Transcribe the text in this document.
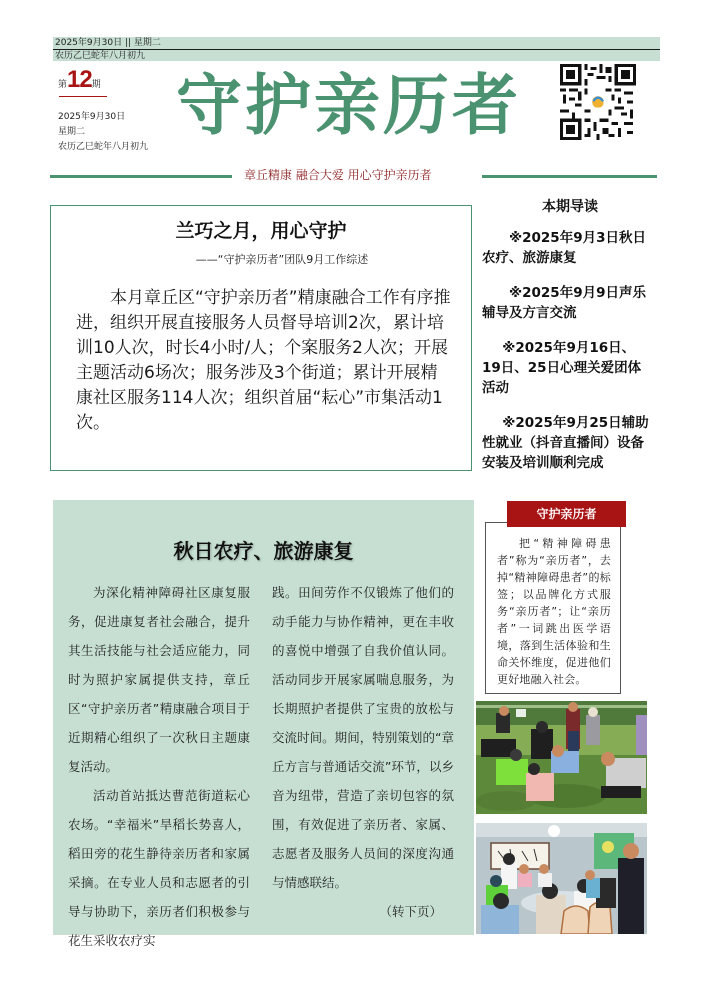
2025年9月30日 || 星期二
农历乙巳蛇年八月初九
第12期
2025年9月30日
星期二
农历乙巳蛇年八月初九
守护亲历者
章丘精康 融合大爱 用心守护亲历者
兰巧之月，用心守护
——“守护亲历者”团队9月工作综述
本月章丘区“守护亲历者”精康融合工作有序推进，组织开展直接服务人员督导培训2次，累计培训10人次，时长4小时/人；个案服务2人次；开展主题活动6场次；服务涉及3个街道；累计开展精康社区服务114人次；组织首届“耘心”市集活动1次。
本期导读
※2025年9月3日秋日农疗、旅游康复
※2025年9月9日声乐辅导及方言交流
※2025年9月16日、19日、25日心理关爱团体活动
※2025年9月25日辅助性就业（抖音直播间）设备安装及培训顺利完成
秋日农疗、旅游康复

为深化精神障碍社区康复服务，促进康复者社会融合，提升其生活技能与社会适应能力，同时为照护家属提供支持，章丘区“守护亲历者”精康融合项目于近期精心组织了一次秋日主题康复活动。

活动首站抵达曹范街道耘心农场。“幸福米”旱稻长势喜人，稻田旁的花生静待亲历者和家属采摘。在专业人员和志愿者的引导与协助下，亲历者们积极参与花生采收农疗实

践。田间劳作不仅锻炼了他们的动手能力与协作精神，更在丰收的喜悦中增强了自我价值认同。活动同步开展家属喘息服务，为长期照护者提供了宝贵的放松与交流时间。期间，特别策划的“章丘方言与普通话交流”环节，以乡音为纽带，营造了亲切包容的氛围，有效促进了亲历者、家属、志愿者及服务人员间的深度沟通与情感联结。

（转下页）
把“精神障碍患者”称为“亲历者”，去掉“精神障碍患者”的标签；以品牌化方式服务“亲历者”；让“亲历者”一词跳出医学语境，落到生活体验和生命关怀维度，促进他们更好地融入社会。
守护亲历者
